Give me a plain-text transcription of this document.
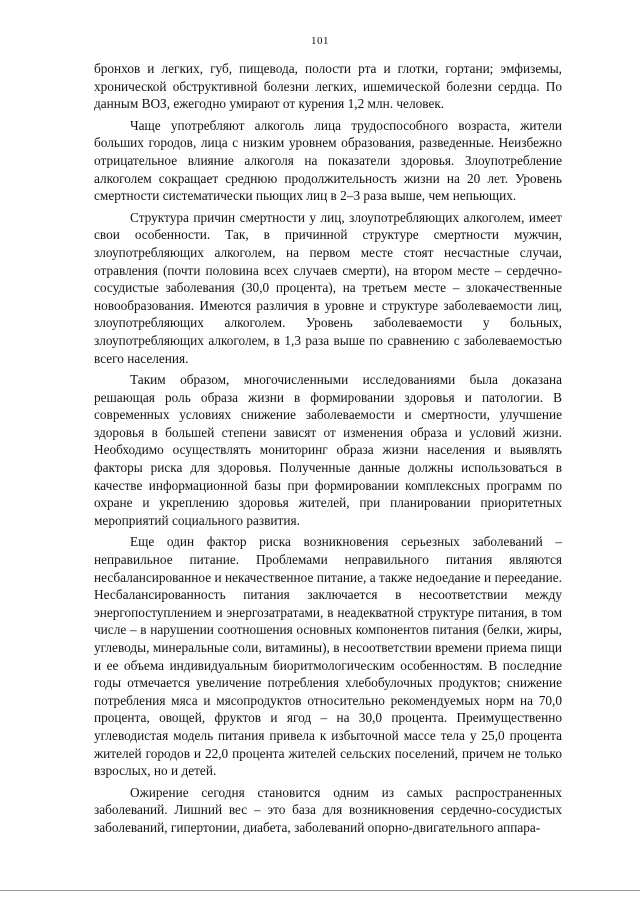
101

бронхов и легких, губ, пищевода, полости рта и глотки, гортани; эмфиземы, хронической обструктивной болезни легких, ишемической болезни сердца. По данным ВОЗ, ежегодно умирают от курения 1,2 млн. человек.

Чаще употребляют алкоголь лица трудоспособного возраста, жители больших городов, лица с низким уровнем образования, разведенные. Неизбежно отрицательное влияние алкоголя на показатели здоровья. Злоупотребление алкоголем сокращает среднюю продолжительность жизни на 20 лет. Уровень смертности систематически пьющих лиц в 2–3 раза выше, чем непьющих.

Структура причин смертности у лиц, злоупотребляющих алкоголем, имеет свои особенности. Так, в причинной структуре смертности мужчин, злоупотребляющих алкоголем, на первом месте стоят несчастные случаи, отравления (почти половина всех случаев смерти), на втором месте – сердечно-сосудистые заболевания (30,0 процента), на третьем месте – злокачественные новообразования. Имеются различия в уровне и структуре заболеваемости лиц, злоупотребляющих алкоголем. Уровень заболеваемости у больных, злоупотребляющих алкоголем, в 1,3 раза выше по сравнению с заболеваемостью всего населения.

Таким образом, многочисленными исследованиями была доказана решающая роль образа жизни в формировании здоровья и патологии. В современных условиях снижение заболеваемости и смертности, улучшение здоровья в большей степени зависят от изменения образа и условий жизни. Необходимо осуществлять мониторинг образа жизни населения и выявлять факторы риска для здоровья. Полученные данные должны использоваться в качестве информационной базы при формировании комплексных программ по охране и укреплению здоровья жителей, при планировании приоритетных мероприятий социального развития.

Еще один фактор риска возникновения серьезных заболеваний – неправильное питание. Проблемами неправильного питания являются несбалансированное и некачественное питание, а также недоедание и переедание. Несбалансированность питания заключается в несоответствии между энергопоступлением и энергозатратами, в неадекватной структуре питания, в том числе – в нарушении соотношения основных компонентов питания (белки, жиры, углеводы, минеральные соли, витамины), в несоответствии времени приема пищи и ее объема индивидуальным биоритмологическим особенностям. В последние годы отмечается увеличение потребления хлебобулочных продуктов; снижение потребления мяса и мясопродуктов относительно рекомендуемых норм на 70,0 процента, овощей, фруктов и ягод – на 30,0 процента. Преимущественно углеводистая модель питания привела к избыточной массе тела у 25,0 процента жителей городов и 22,0 процента жителей сельских поселений, причем не только взрослых, но и детей.

Ожирение сегодня становится одним из самых распространенных заболеваний. Лишний вес – это база для возникновения сердечно-сосудистых заболеваний, гипертонии, диабета, заболеваний опорно-двигательного аппара-
